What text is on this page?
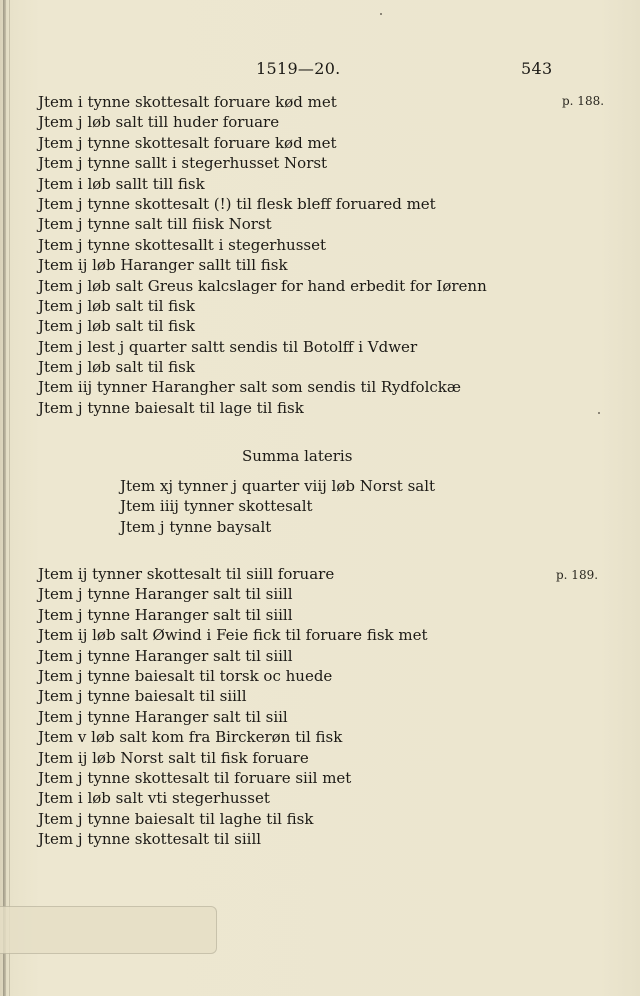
1519—20.	543
p. 188.
p. 189.
Jtem i tynne skottesalt foruare kød met
Jtem j løb salt till huder foruare
Jtem j tynne skottesalt foruare kød met
Jtem j tynne sallt i stegerhusset Norst
Jtem i løb sallt till fisk
Jtem j tynne skottesalt (!) til flesk bleff foruared met
Jtem j tynne salt till fiisk Norst
Jtem j tynne skottesallt i stegerhusset
Jtem ij løb Haranger sallt till fisk
Jtem j løb salt Greus kalcslager for hand erbedit for Iørenn
Jtem j løb salt til fisk
Jtem j løb salt til fisk
Jtem j lest j quarter saltt sendis til Botolff i Vdwer
Jtem j løb salt til fisk
Jtem iij tynner Harangher salt som sendis til Rydfolckæ
Jtem j tynne baiesalt til lage til fisk
Summa lateris
Jtem xj tynner j quarter viij løb Norst salt
Jtem iiij tynner skottesalt
Jtem j tynne baysalt
Jtem ij tynner skottesalt til siill foruare
Jtem j tynne Haranger salt til siill
Jtem j tynne Haranger salt til siill
Jtem ij løb salt Øwind i Feie fick til foruare fisk met
Jtem j tynne Haranger salt til siill
Jtem j tynne baiesalt til torsk oc huede
Jtem j tynne baiesalt til siill
Jtem j tynne Haranger salt til siil
Jtem v løb salt kom fra Birckerøn til fisk
Jtem ij løb Norst salt til fisk foruare
Jtem j tynne skottesalt til foruare siil met
Jtem i løb salt vti stegerhusset
Jtem j tynne baiesalt til laghe til fisk
Jtem j tynne skottesalt til siill
